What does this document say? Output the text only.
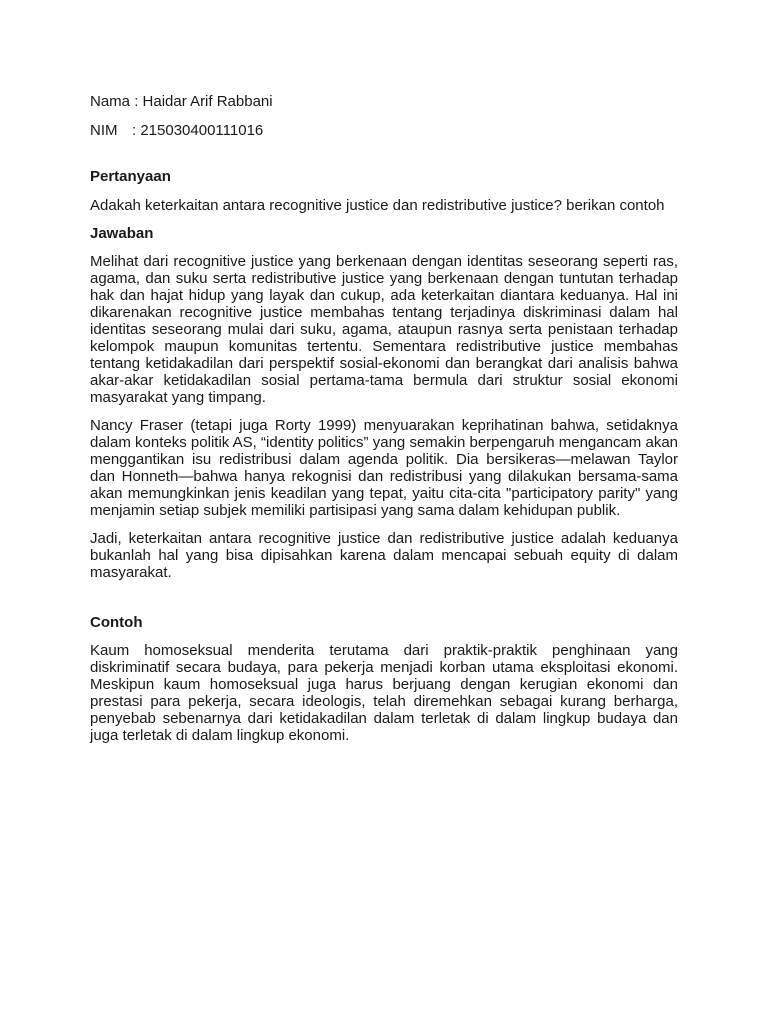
Nama : Haidar Arif Rabbani

NIM : 215030400111016

Pertanyaan

Adakah keterkaitan antara recognitive justice dan redistributive justice? berikan contoh

Jawaban

Melihat dari recognitive justice yang berkenaan dengan identitas seseorang seperti ras, agama, dan suku serta redistributive justice yang berkenaan dengan tuntutan terhadap hak dan hajat hidup yang layak dan cukup, ada keterkaitan diantara keduanya. Hal ini dikarenakan recognitive justice membahas tentang terjadinya diskriminasi dalam hal identitas seseorang mulai dari suku, agama, ataupun rasnya serta penistaan terhadap kelompok maupun komunitas tertentu. Sementara redistributive justice membahas tentang ketidakadilan dari perspektif sosial-ekonomi dan berangkat dari analisis bahwa akar-akar ketidakadilan sosial pertama-tama bermula dari struktur sosial ekonomi masyarakat yang timpang.

Nancy Fraser (tetapi juga Rorty 1999) menyuarakan keprihatinan bahwa, setidaknya dalam konteks politik AS, “identity politics” yang semakin berpengaruh mengancam akan menggantikan isu redistribusi dalam agenda politik. Dia bersikeras—melawan Taylor dan Honneth—bahwa hanya rekognisi dan redistribusi yang dilakukan bersama-sama akan memungkinkan jenis keadilan yang tepat, yaitu cita-cita "participatory parity" yang menjamin setiap subjek memiliki partisipasi yang sama dalam kehidupan publik.

Jadi, keterkaitan antara recognitive justice dan redistributive justice adalah keduanya bukanlah hal yang bisa dipisahkan karena dalam mencapai sebuah equity di dalam masyarakat.

Contoh

Kaum homoseksual menderita terutama dari praktik-praktik penghinaan yang diskriminatif secara budaya, para pekerja menjadi korban utama eksploitasi ekonomi. Meskipun kaum homoseksual juga harus berjuang dengan kerugian ekonomi dan prestasi para pekerja, secara ideologis, telah diremehkan sebagai kurang berharga, penyebab sebenarnya dari ketidakadilan dalam terletak di dalam lingkup budaya dan juga terletak di dalam lingkup ekonomi.
